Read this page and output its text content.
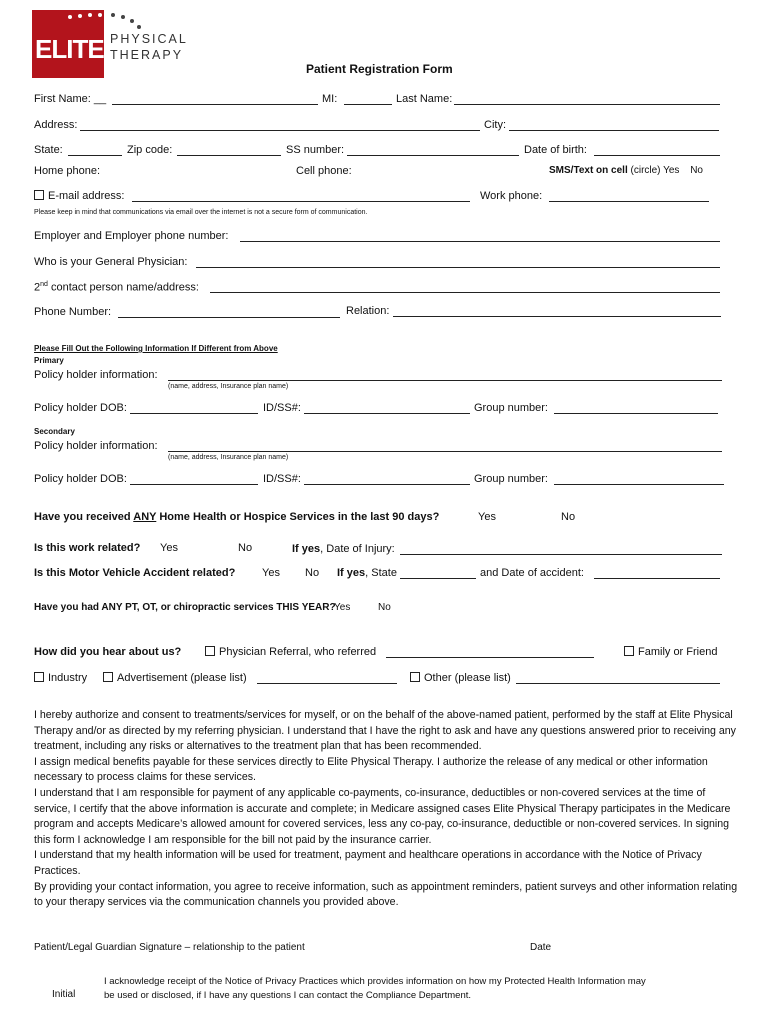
ELITE PHYSICAL
THERAPY
Patient Registration Form
First Name: __	MI:	Last Name:
Address:	City:
State:	Zip code:	SS number:	Date of birth:
Home phone:	Cell phone:	SMS/Text on cell (circle) Yes No
E-mail address:	Work phone:
Please keep in mind that communications via email over the internet is not a secure form of communication.
Employer and Employer phone number:
Who is your General Physician:
2nd contact person name/address:
Phone Number:	Relation:
Please Fill Out the Following Information If Different from Above
Primary
Policy holder information:
(name, address, Insurance plan name)
Policy holder DOB:	ID/SS#:	Group number:
Secondary
Policy holder information:
(name, address, Insurance plan name)
Policy holder DOB:	ID/SS#:	Group number:
Have you received ANY Home Health or Hospice Services in the last 90 days?	Yes	No
Is this work related? Yes	No	If yes, Date of Injury:
Is this Motor Vehicle Accident related? Yes No If yes, State	and Date of accident:
Have you had ANY PT, OT, or chiropractic services THIS YEAR?
Yes	No
How did you hear about us?	Physician Referral, who referred	Family or Friend
Industry	Advertisement (please list)	Other (please list)

I hereby authorize and consent to treatments/services for myself, or on the behalf of the above-named patient, performed by the staff at Elite Physical Therapy and/or as directed by my referring physician. I understand that I have the right to ask and have any questions answered prior to receiving any treatment, including any risks or alternatives to the treatment plan that has been recommended.

I assign medical benefits payable for these services directly to Elite Physical Therapy. I authorize the release of any medical or other information necessary to process claims for these services.

I understand that I am responsible for payment of any applicable co-payments, co-insurance, deductibles or non-covered services at the time of service, I certify that the above information is accurate and complete; in Medicare assigned cases Elite Physical Therapy participates in the Medicare program and accepts Medicare’s allowed amount for covered services, less any co-pay, co-insurance, deductible or non-covered services. In signing this form I acknowledge I am responsible for the bill not paid by the insurance carrier.

I understand that my health information will be used for treatment, payment and healthcare operations in accordance with the Notice of Privacy Practices.

By providing your contact information, you agree to receive information, such as appointment reminders, patient surveys and other information relating to your therapy services via the communication channels you provided above.

Patient/Legal Guardian Signature – relationship to the patient	Date
Initial
I acknowledge receipt of the Notice of Privacy Practices which provides information on how my Protected Health Information may
be used or disclosed, if I have any questions I can contact the Compliance Department.
